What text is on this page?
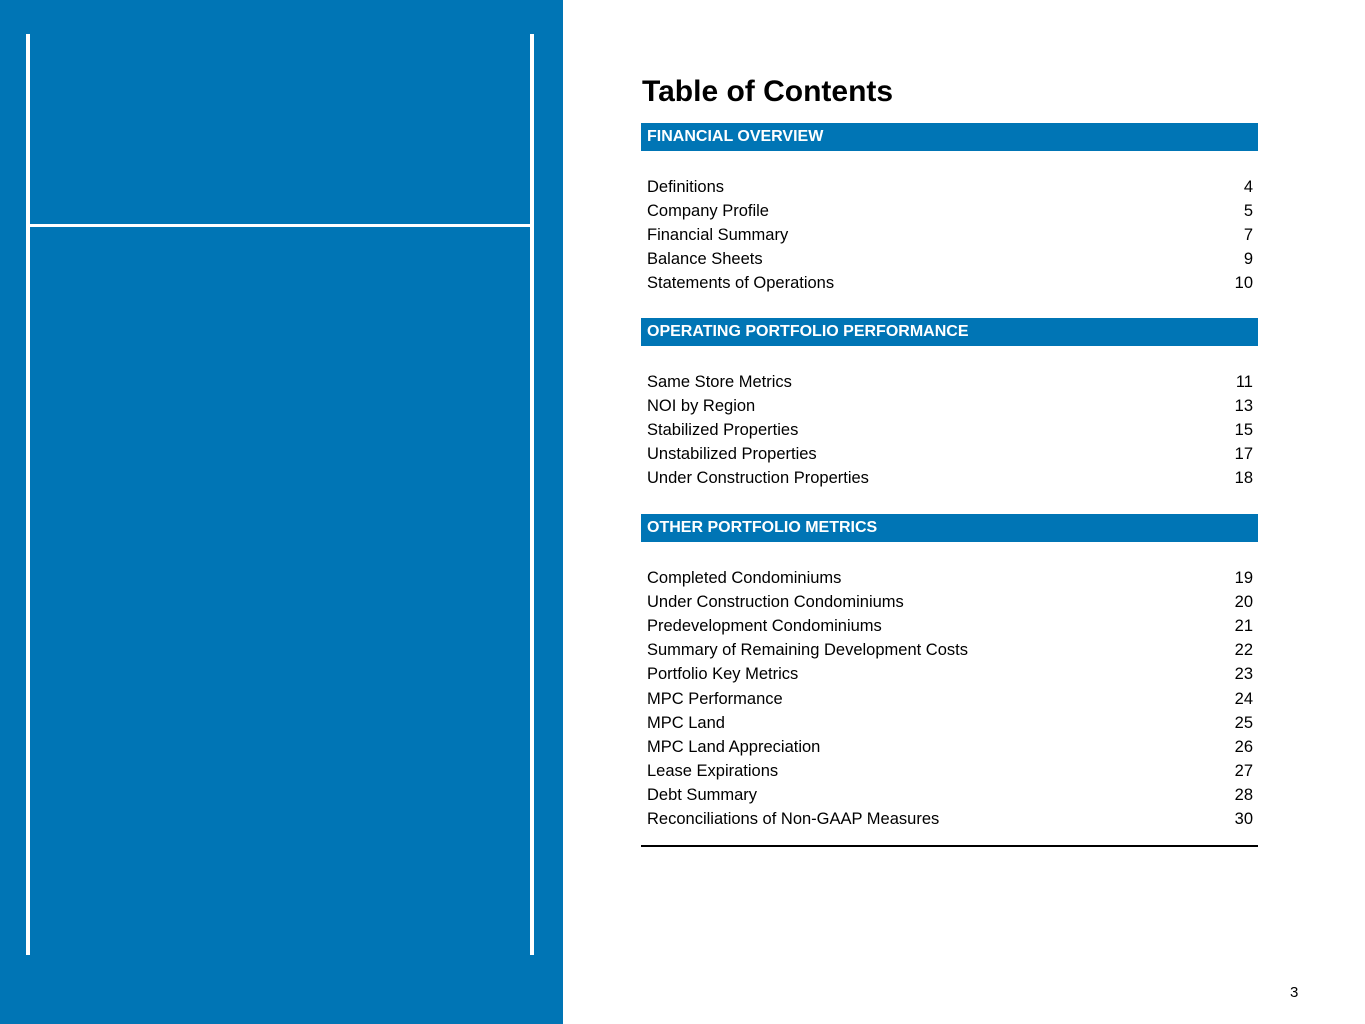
Table of Contents
FINANCIAL OVERVIEW
Definitions	4
Company Profile	5
Financial Summary	7
Balance Sheets	9
Statements of Operations	10
OPERATING PORTFOLIO PERFORMANCE
Same Store Metrics	11
NOI by Region	13
Stabilized Properties	15
Unstabilized Properties	17
Under Construction Properties	18
OTHER PORTFOLIO METRICS
Completed Condominiums	19
Under Construction Condominiums	20
Predevelopment Condominiums	21
Summary of Remaining Development Costs	22
Portfolio Key Metrics	23
MPC Performance	24
MPC Land	25
MPC Land Appreciation	26
Lease Expirations	27
Debt Summary	28
Reconciliations of Non-GAAP Measures	30
3
